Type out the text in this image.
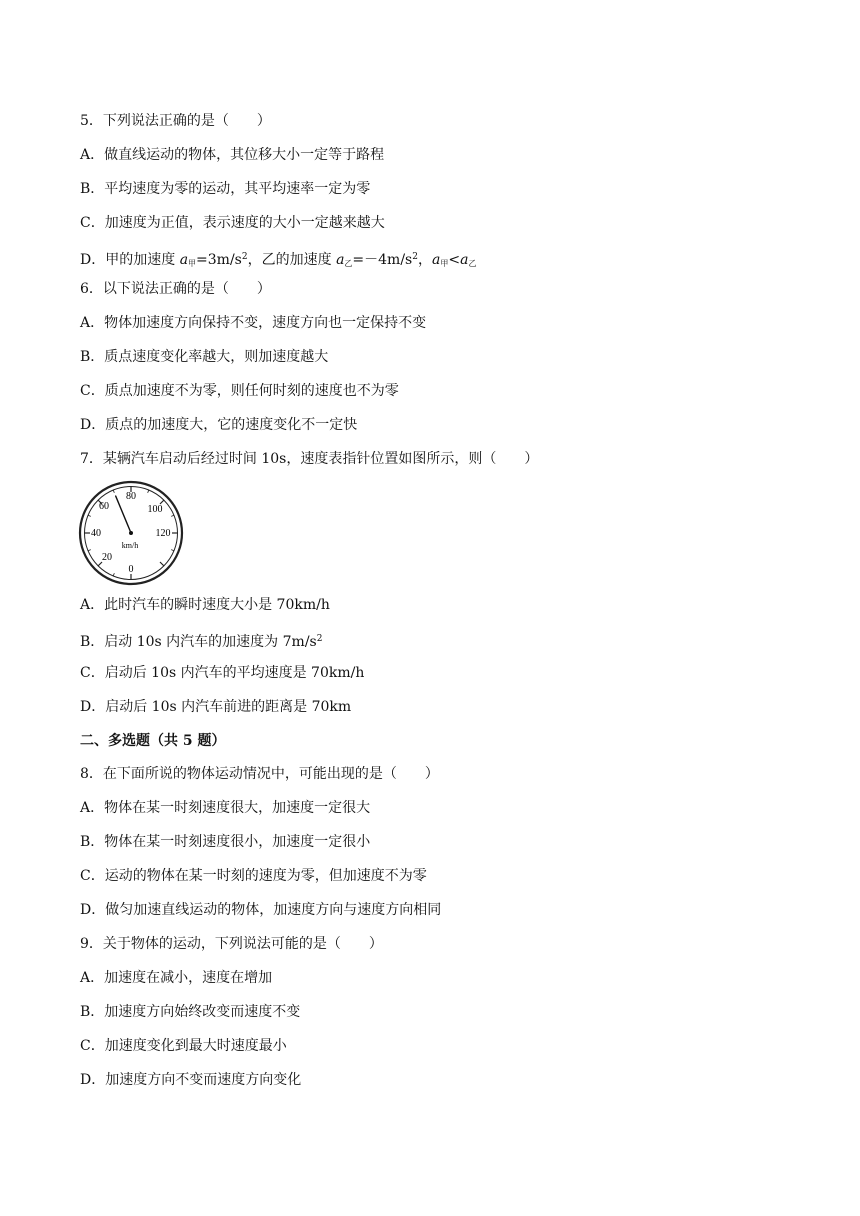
5．下列说法正确的是（　　）
A．做直线运动的物体，其位移大小一定等于路程
B．平均速度为零的运动，其平均速率一定为零
C．加速度为正值，表示速度的大小一定越来越大
D．甲的加速度 $a_甲=3m/s^2$，乙的加速度 $a_乙=-4m/s^2$，$a_甲<a_乙$
6．以下说法正确的是（　　）
A．物体加速度方向保持不变，速度方向也一定保持不变
B．质点速度变化率越大，则加速度越大
C．质点加速度不为零，则任何时刻的速度也不为零
D．质点的加速度大，它的速度变化不一定快
7．某辆汽车启动后经过时间 10s，速度表指针位置如图所示，则（　　）
80
60	100
40	120
20
0
km/h
A．此时汽车的瞬时速度大小是 70km/h
B．启动 10s 内汽车的加速度为 $7m/s^2$
C．启动后 10s 内汽车的平均速度是 70km/h
D．启动后 10s 内汽车前进的距离是 70km
二、多选题（共 5 题）
8．在下面所说的物体运动情况中，可能出现的是（　　）
A．物体在某一时刻速度很大，加速度一定很大
B．物体在某一时刻速度很小，加速度一定很小
C．运动的物体在某一时刻的速度为零，但加速度不为零
D．做匀加速直线运动的物体，加速度方向与速度方向相同
9．关于物体的运动，下列说法可能的是（　　）
A．加速度在减小，速度在增加
B．加速度方向始终改变而速度不变
C．加速度变化到最大时速度最小
D．加速度方向不变而速度方向变化
